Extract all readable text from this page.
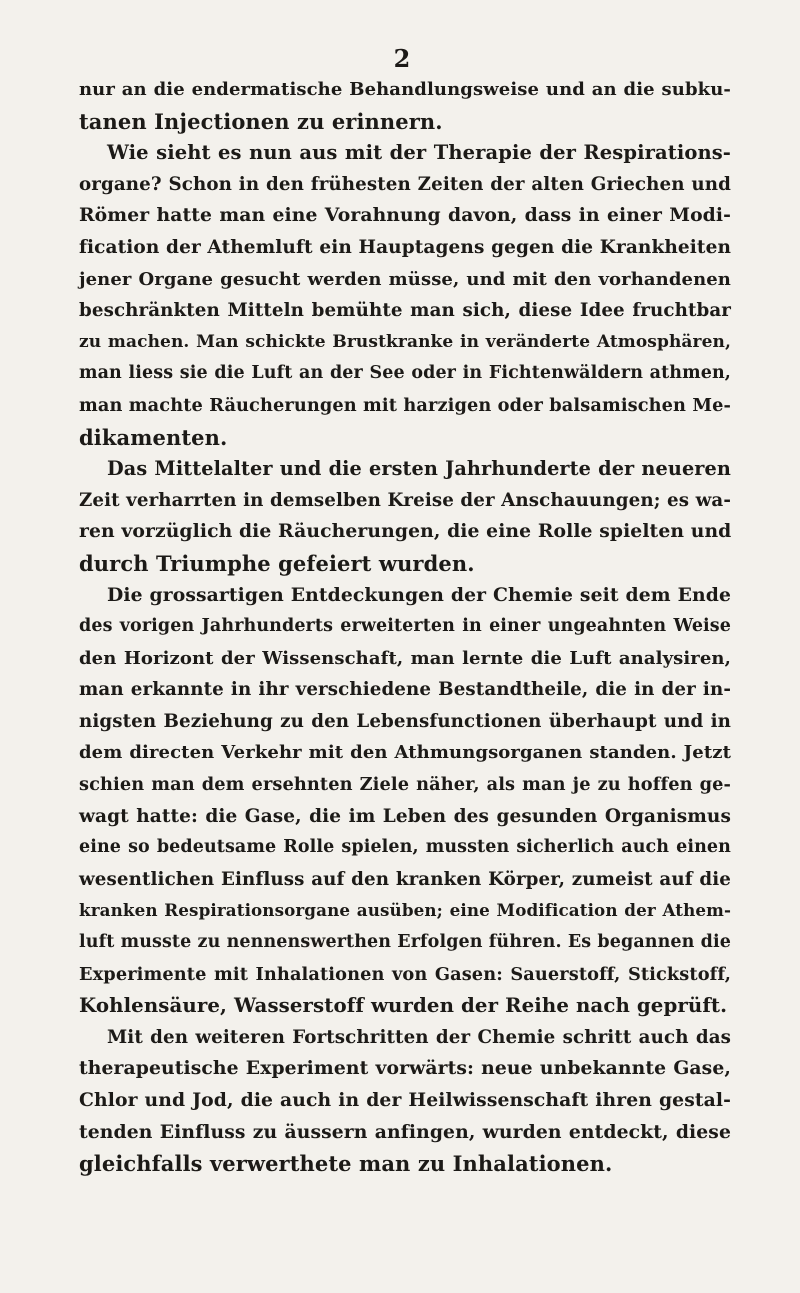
2
nur an die endermatische Behandlungsweise und an die subku-
tanen Injectionen zu erinnern.
Wie sieht es nun aus mit der Therapie der Respirations-
organe? Schon in den frühesten Zeiten der alten Griechen und
Römer hatte man eine Vorahnung davon, dass in einer Modi-
fication der Athemluft ein Hauptagens gegen die Krankheiten
jener Organe gesucht werden müsse, und mit den vorhandenen
beschränkten Mitteln bemühte man sich, diese Idee fruchtbar
zu machen. Man schickte Brustkranke in veränderte Atmosphären,
man liess sie die Luft an der See oder in Fichtenwäldern athmen,
man machte Räucherungen mit harzigen oder balsamischen Me-
dikamenten.
Das Mittelalter und die ersten Jahrhunderte der neueren
Zeit verharrten in demselben Kreise der Anschauungen; es wa-
ren vorzüglich die Räucherungen, die eine Rolle spielten und
durch Triumphe gefeiert wurden.
Die grossartigen Entdeckungen der Chemie seit dem Ende
des vorigen Jahrhunderts erweiterten in einer ungeahnten Weise
den Horizont der Wissenschaft, man lernte die Luft analysiren,
man erkannte in ihr verschiedene Bestandtheile, die in der in-
nigsten Beziehung zu den Lebensfunctionen überhaupt und in
dem directen Verkehr mit den Athmungsorganen standen. Jetzt
schien man dem ersehnten Ziele näher, als man je zu hoffen ge-
wagt hatte: die Gase, die im Leben des gesunden Organismus
eine so bedeutsame Rolle spielen, mussten sicherlich auch einen
wesentlichen Einfluss auf den kranken Körper, zumeist auf die
kranken Respirationsorgane ausüben; eine Modification der Athem-
luft musste zu nennenswerthen Erfolgen führen. Es begannen die
Experimente mit Inhalationen von Gasen: Sauerstoff, Stickstoff,
Kohlensäure, Wasserstoff wurden der Reihe nach geprüft.
Mit den weiteren Fortschritten der Chemie schritt auch das
therapeutische Experiment vorwärts: neue unbekannte Gase,
Chlor und Jod, die auch in der Heilwissenschaft ihren gestal-
tenden Einfluss zu äussern anfingen, wurden entdeckt, diese
gleichfalls verwerthete man zu Inhalationen.
